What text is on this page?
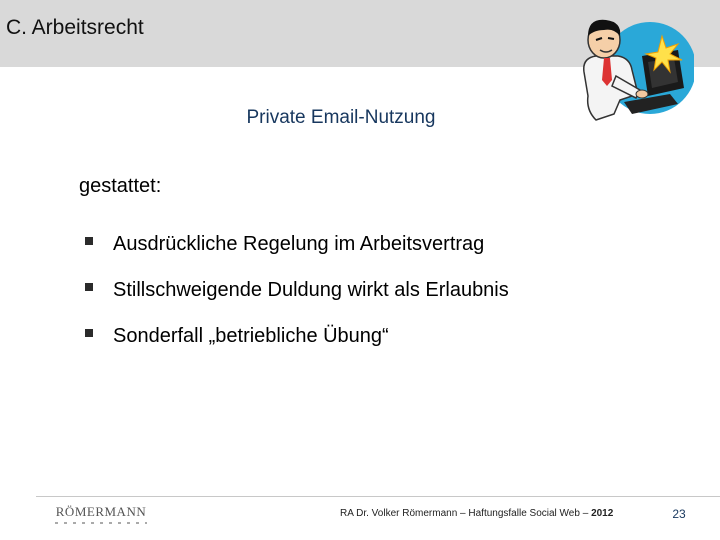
C. Arbeitsrecht
Private Email-Nutzung
gestattet:
Ausdrückliche Regelung im Arbeitsvertrag
Stillschweigende Duldung wirkt als Erlaubnis
Sonderfall „betriebliche Übung“
RÖMERMANN	RA Dr. Volker Römermann – Haftungsfalle Social Web – 2012	23
